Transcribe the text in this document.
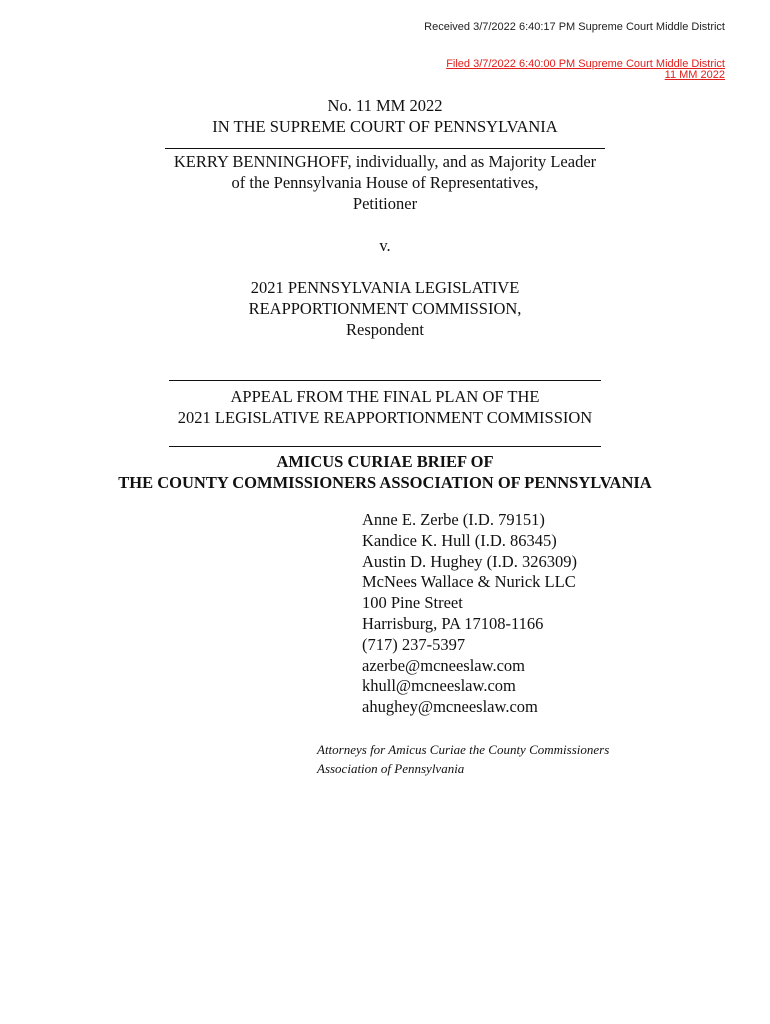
Received 3/7/2022 6:40:17 PM Supreme Court Middle District
Filed 3/7/2022 6:40:00 PM Supreme Court Middle District
11 MM 2022
No. 11 MM 2022
IN THE SUPREME COURT OF PENNSYLVANIA
KERRY BENNINGHOFF, individually, and as Majority Leader
of the Pennsylvania House of Representatives,
Petitioner
v.
2021 PENNSYLVANIA LEGISLATIVE
REAPPORTIONMENT COMMISSION,
Respondent
APPEAL FROM THE FINAL PLAN OF THE
2021 LEGISLATIVE REAPPORTIONMENT COMMISSION
AMICUS CURIAE BRIEF OF
THE COUNTY COMMISSIONERS ASSOCIATION OF PENNSYLVANIA
Anne E. Zerbe (I.D. 79151)
Kandice K. Hull (I.D. 86345)
Austin D. Hughey (I.D. 326309)
McNees Wallace & Nurick LLC
100 Pine Street
Harrisburg, PA 17108-1166
(717) 237-5397
azerbe@mcneeslaw.com
khull@mcneeslaw.com
ahughey@mcneeslaw.com
Attorneys for Amicus Curiae the County Commissioners
Association of Pennsylvania
